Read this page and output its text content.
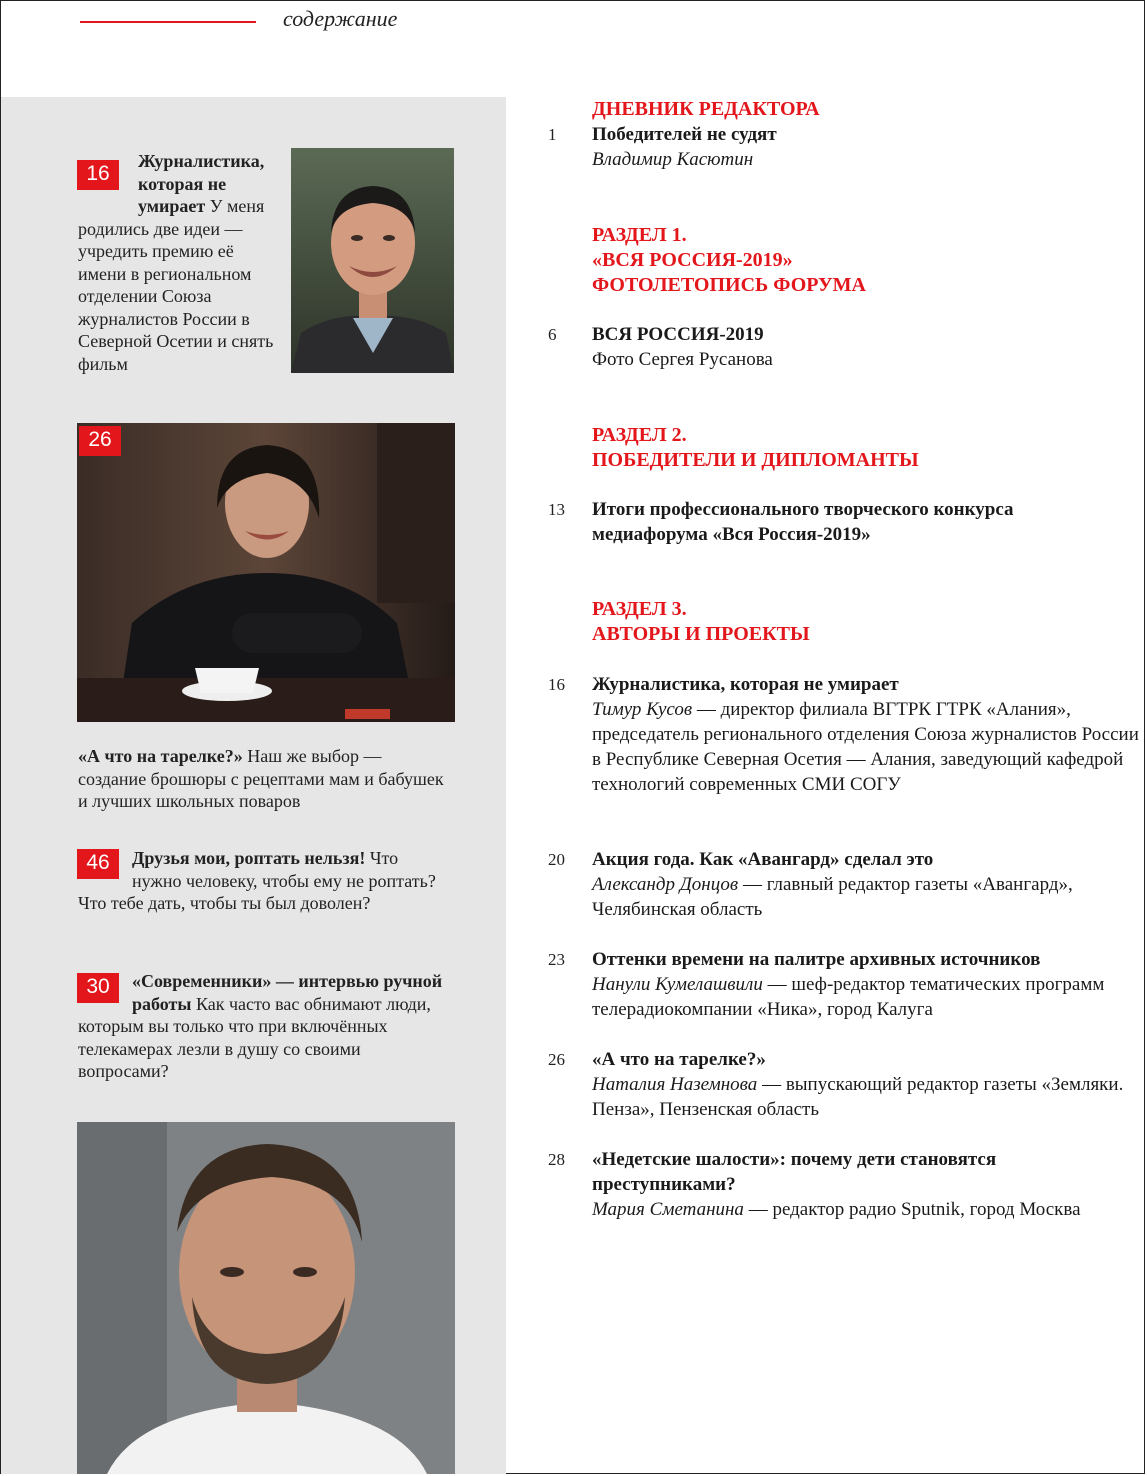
содержание
16
Журналистика, которая не умирает У меня родились две идеи — учредить премию её имени в региональном отделении Союза журналистов России в Северной Осетии и снять фильм
26
«А что на тарелке?» Наш же выбор — создание брошюры с рецептами мам и бабушек и лучших школьных поваров
46	Друзья мои, роптать нельзя! Что нужно человеку, чтобы ему не роптать? Что тебе дать, чтобы ты был доволен?
30	«Современники» — интервью ручной работы Как часто вас обнимают люди, которым вы только что при включённых телекамерах лезли в душу со своими вопросами?
ДНЕВНИК РЕДАКТОРА
1	Победителей не судят
Владимир Касютин
РАЗДЕЛ 1.
«ВСЯ РОССИЯ-2019»
ФОТОЛЕТОПИСЬ ФОРУМА
6	ВСЯ РОССИЯ-2019
Фото Сергея Русанова
РАЗДЕЛ 2.
ПОБЕДИТЕЛИ И ДИПЛОМАНТЫ
13	Итоги профессионального творческого конкурса медиафорума «Вся Россия-2019»
РАЗДЕЛ 3.
АВТОРЫ И ПРОЕКТЫ
16	Журналистика, которая не умирает
Тимур Кусов — директор филиала ВГТРК ГТРК «Алания», председатель регионального отделения Союза журналистов России в Республике Северная Осетия — Алания, заведующий кафедрой технологий современных СМИ СОГУ
20	Акция года. Как «Авангард» сделал это
Александр Донцов — главный редактор газеты «Авангард», Челябинская область
23	Оттенки времени на палитре архивных источников
Нанули Кумелашвили — шеф-редактор тематических программ телерадиокомпании «Ника», город Калуга
26	«А что на тарелке?»
Наталия Наземнова — выпускающий редактор газеты «Земляки. Пенза», Пензенская область
28	«Недетские шалости»: почему дети становятся преступниками?
Мария Сметанина — редактор радио Sputnik, город Москва
